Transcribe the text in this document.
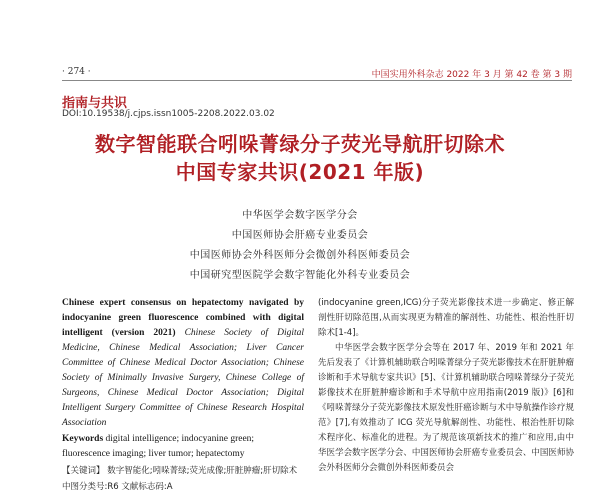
· 274 ·	中国实用外科杂志 2022 年 3 月 第 42 卷 第 3 期
指南与共识
DOI:10.19538/j.cjps.issn1005-2208.2022.03.02
数字智能联合吲哚菁绿分子荧光导航肝切除术
中国专家共识(2021 年版)
中华医学会数字医学分会
中国医师协会肝癌专业委员会
中国医师协会外科医师分会微创外科医师委员会
中国研究型医院学会数字智能化外科专业委员会
Chinese expert consensus on hepatectomy navigated by indocyanine green fluorescence combined with digital intelligent (version 2021) Chinese Society of Digital Medicine, Chinese Medical Association; Liver Cancer Committee of Chinese Medical Doctor Association; Chinese Society of Minimally Invasive Surgery, Chinese College of Surgeons, Chinese Medical Doctor Association; Digital Intelligent Surgery Committee of Chinese Research Hospital Association
Keywords digital intelligence; indocyanine green; fluorescence imaging; liver tumor; hepatectomy
【关键词】 数字智能化;吲哚菁绿;荧光成像;肝脏肿瘤;肝切除术
中图分类号:R6 文献标志码:A

(indocyanine green,ICG)分子荧光影像技术进一步确定、修正解剖性肝切除范围,从而实现更为精准的解剖性、功能性、根治性肝切除术[1-4]。

中华医学会数字医学分会等在 2017 年、2019 年和 2021 年先后发表了《计算机辅助联合吲哚菁绿分子荧光影像技术在肝脏肿瘤诊断和手术导航专家共识》[5]、《计算机辅助联合吲哚菁绿分子荧光影像技术在肝脏肿瘤诊断和手术导航中应用指南(2019 版)》[6]和《吲哚菁绿分子荧光影像技术原发性肝癌诊断与术中导航操作诊疗规范》[7],有效推动了 ICG 荧光导航解剖性、功能性、根治性肝切除术程序化、标准化的进程。为了规范该项新技术的推广和应用,由中华医学会数字医学分会、中国医师协会肝癌专业委员会、中国医师协会外科医师分会微创外科医师委员会
